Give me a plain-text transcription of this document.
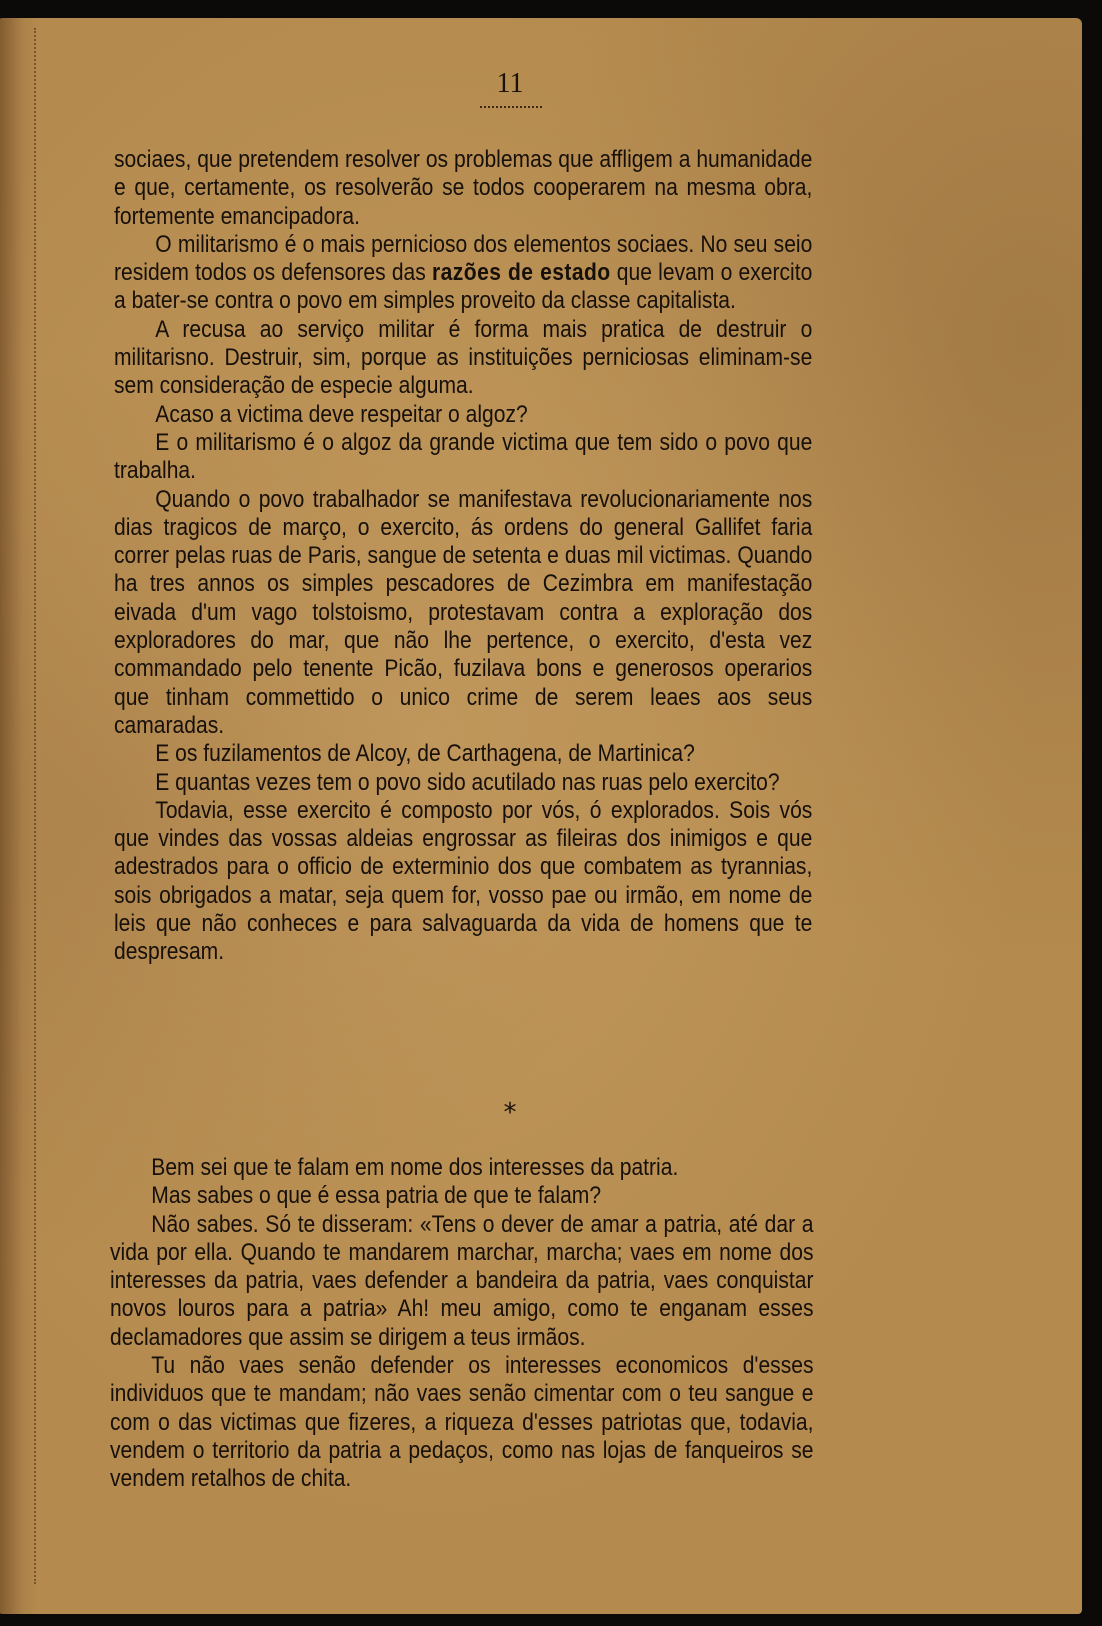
11

sociaes, que pretendem resolver os problemas que affligem a humanidade e que, certamente, os resolverão se todos cooperarem na mesma obra, fortemente emancipadora.

O militarismo é o mais pernicioso dos elementos sociaes. No seu seio residem todos os defensores das razões de estado que levam o exercito a bater-se contra o povo em simples proveito da classe capitalista.

A recusa ao serviço militar é forma mais pratica de destruir o militarisno. Destruir, sim, porque as instituições perniciosas eliminam-se sem consideração de especie alguma.

Acaso a victima deve respeitar o algoz?

E o militarismo é o algoz da grande victima que tem sido o povo que trabalha.

Quando o povo trabalhador se manifestava revolucionariamente nos dias tragicos de março, o exercito, ás ordens do general Gallifet faria correr pelas ruas de Paris, sangue de setenta e duas mil victimas. Quando ha tres annos os simples pescadores de Cezimbra em manifestação eivada d'um vago tolstoismo, protestavam contra a exploração dos exploradores do mar, que não lhe pertence, o exercito, d'esta vez commandado pelo tenente Picão, fuzilava bons e generosos operarios que tinham commettido o unico crime de serem leaes aos seus camaradas.

E os fuzilamentos de Alcoy, de Carthagena, de Martinica?

E quantas vezes tem o povo sido acutilado nas ruas pelo exercito?

Todavia, esse exercito é composto por vós, ó explorados. Sois vós que vindes das vossas aldeias engrossar as fileiras dos inimigos e que adestrados para o officio de exterminio dos que combatem as tyrannias, sois obrigados a matar, seja quem for, vosso pae ou irmão, em nome de leis que não conheces e para salvaguarda da vida de homens que te despresam.

*

Bem sei que te falam em nome dos interesses da patria.

Mas sabes o que é essa patria de que te falam?

Não sabes. Só te disseram: «Tens o dever de amar a patria, até dar a vida por ella. Quando te mandarem marchar, marcha; vaes em nome dos interesses da patria, vaes defender a bandeira da patria, vaes conquistar novos louros para a patria» Ah! meu amigo, como te enganam esses declamadores que assim se dirigem a teus irmãos.

Tu não vaes senão defender os interesses economicos d'esses individuos que te mandam; não vaes senão cimentar com o teu sangue e com o das victimas que fizeres, a riqueza d'esses patriotas que, todavia, vendem o territorio da patria a pedaços, como nas lojas de fanqueiros se vendem retalhos de chita.
